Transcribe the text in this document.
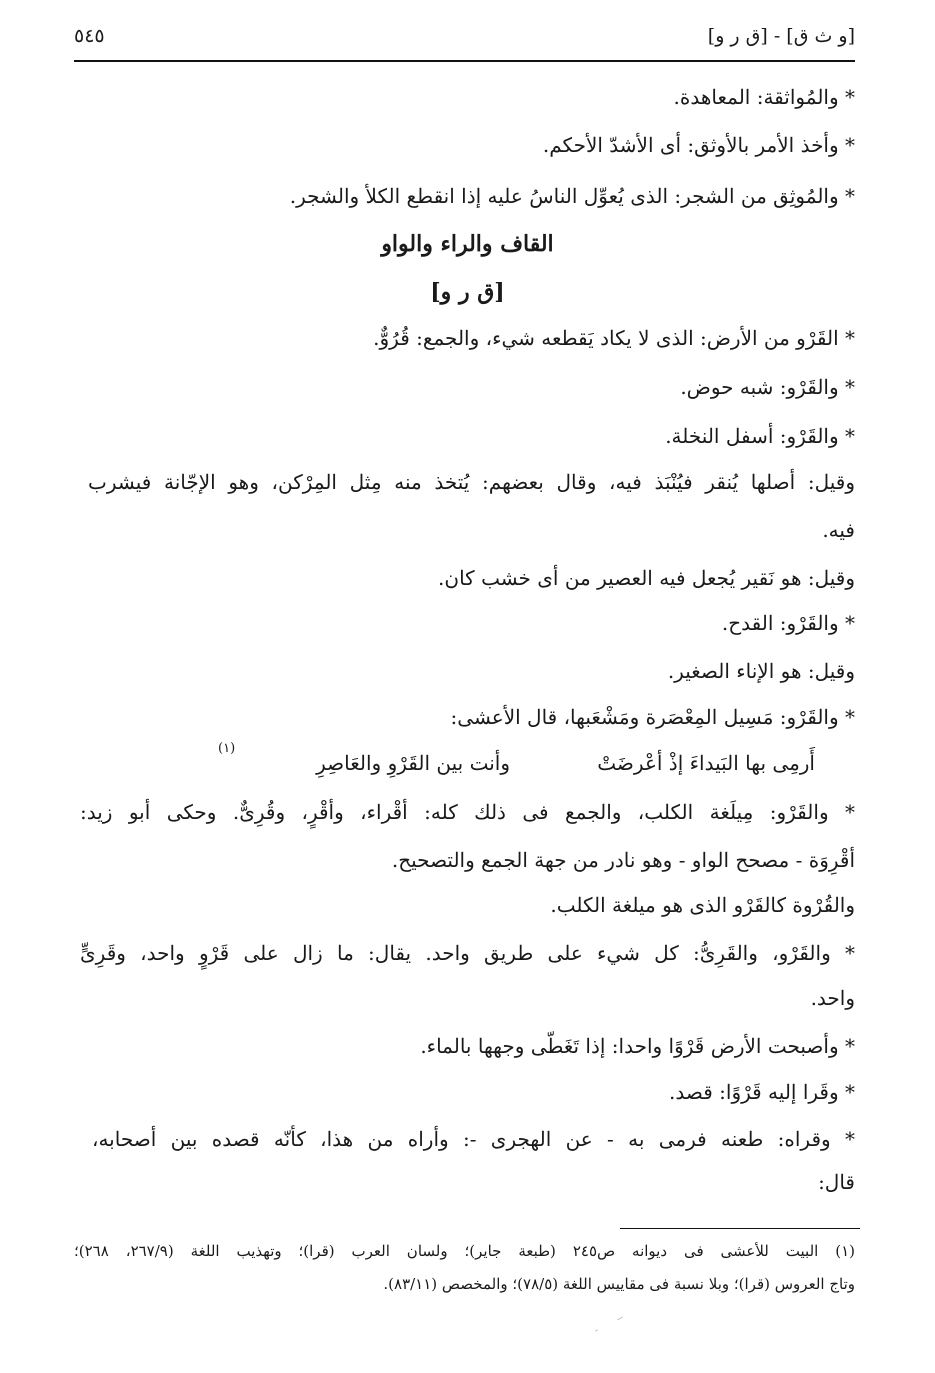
٥٤٥	[و ث ق] - [ق ر و]
* والمُواثقة: المعاهدة.
* وأخذ الأمر بالأوثق: أى الأشدّ الأحكم.
* والمُوثِق من الشجر: الذى يُعوِّل الناسُ عليه إذا انقطع الكلأ والشجر.
القاف والراء والواو
[ق ر و]
* القَرْو من الأرض: الذى لا يكاد يَقطعه شيء، والجمع: قُرُوٌّ.
* والقَرْو: شبه حوض.
* والقَرْو: أسفل النخلة.
وقيل: أصلها يُنقر فيُنْبَذ فيه، وقال بعضهم: يُتخذ منه مِثل المِرْكن، وهو الإجّانة فيشرب
فيه.
وقيل: هو نَقير يُجعل فيه العصير من أى خشب كان.
* والقَرْو: القدح.
وقيل: هو الإناء الصغير.
* والقَرْو: مَسِيل المِعْصَرة ومَشْعَبها، قال الأعشى:
أَرمِى بها البَيداءَ إذْ أعْرضَتْ
وأنت بين القَرْوِ والعَاصِرِ
(١)
* والقَرْو: مِيلَغة الكلب، والجمع فى ذلك كله: أقْراء، وأقْرٍ، وقُرِىٌّ. وحكى أبو زيد:
أقْرِوَة - مصحح الواو - وهو نادر من جهة الجمع والتصحيح.
والقُرْوة كالقَرْو الذى هو ميلغة الكلب.
* والقَرْو، والقَرِىُّ: كل شيء على طريق واحد. يقال: ما زال على قَرْوٍ واحد، وقَرِىٍّ
واحد.
* وأصبحت الأرض قَرْوًا واحدا: إذا تَغَطّى وجهها بالماء.
* وقَرا إليه قَرْوًا: قصد.
* وقراه: طعنه فرمى به - عن الهجرى -: وأراه من هذا، كأنّه قصده بين أصحابه،
قال:
(١) البيت للأعشى فى ديوانه ص٢٤٥ (طبعة جاير)؛ ولسان العرب (قرا)؛ وتهذيب اللغة (٢٦٧/٩، ٢٦٨)؛
وتاج العروس (قرا)؛ وبلا نسبة فى مقاييس اللغة (٧٨/٥)؛ والمخصص (٨٣/١١).
